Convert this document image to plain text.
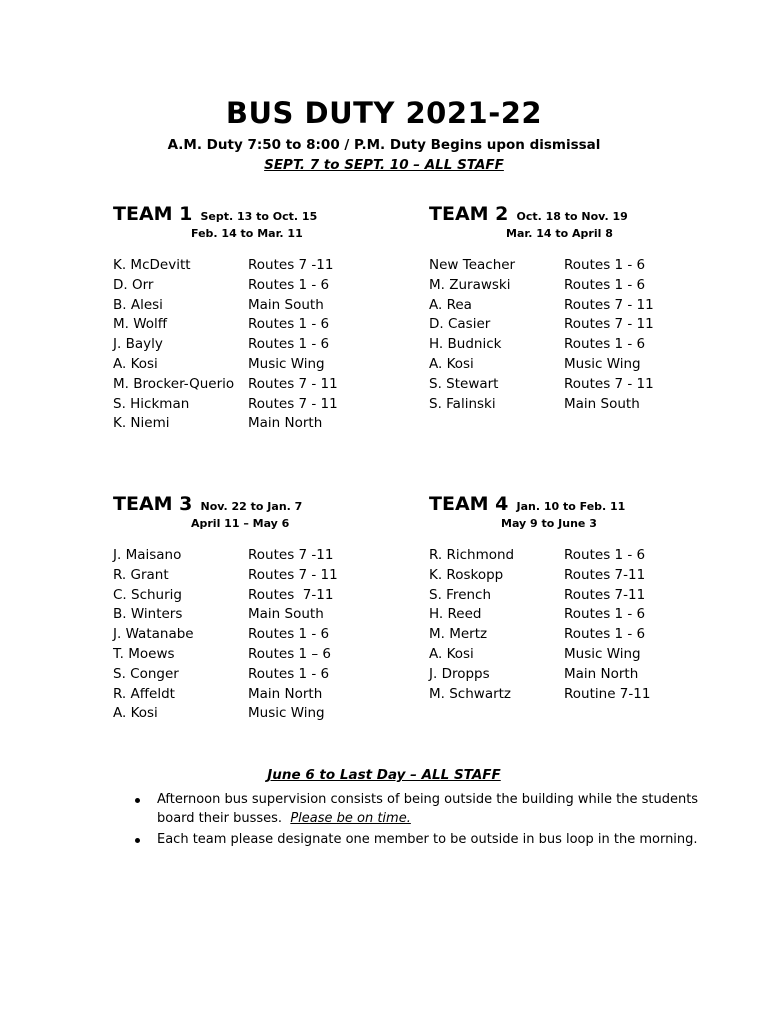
BUS DUTY 2021-22
A.M. Duty 7:50 to 8:00 / P.M. Duty Begins upon dismissal
SEPT. 7 to SEPT. 10 – ALL STAFF
TEAM 1 Sept. 13 to Oct. 15
Feb. 14 to Mar. 11
K. McDevitt	Routes 7 -11
D. Orr	Routes 1 - 6
B. Alesi	Main South
M. Wolff	Routes 1 - 6
J. Bayly	Routes 1 - 6
A. Kosi	Music Wing
M. Brocker-Querio	Routes 7 - 11
S. Hickman	Routes 7 - 11
K. Niemi	Main North
TEAM 2 Oct. 18 to Nov. 19
Mar. 14 to April 8
New Teacher	Routes 1 - 6
M. Zurawski	Routes 1 - 6
A. Rea	Routes 7 - 11
D. Casier	Routes 7 - 11
H. Budnick	Routes 1 - 6
A. Kosi	Music Wing
S. Stewart	Routes 7 - 11
S. Falinski	Main South
TEAM 3 Nov. 22 to Jan. 7
April 11 – May 6
J. Maisano	Routes 7 -11
R. Grant	Routes 7 - 11
C. Schurig	Routes  7-11
B. Winters	Main South
J. Watanabe	Routes 1 - 6
T. Moews	Routes 1 – 6
S. Conger	Routes 1 - 6
R. Affeldt	Main North
A. Kosi	Music Wing
TEAM 4 Jan. 10 to Feb. 11
May 9 to June 3
R. Richmond	Routes 1 - 6
K. Roskopp	Routes 7-11
S. French	Routes 7-11
H. Reed	Routes 1 - 6
M. Mertz	Routes 1 - 6
A. Kosi	Music Wing
J. Dropps	Main North
M. Schwartz	Routine 7-11
June 6 to Last Day – ALL STAFF
Afternoon bus supervision consists of being outside the building while the students board their busses. Please be on time.
Each team please designate one member to be outside in bus loop in the morning.
